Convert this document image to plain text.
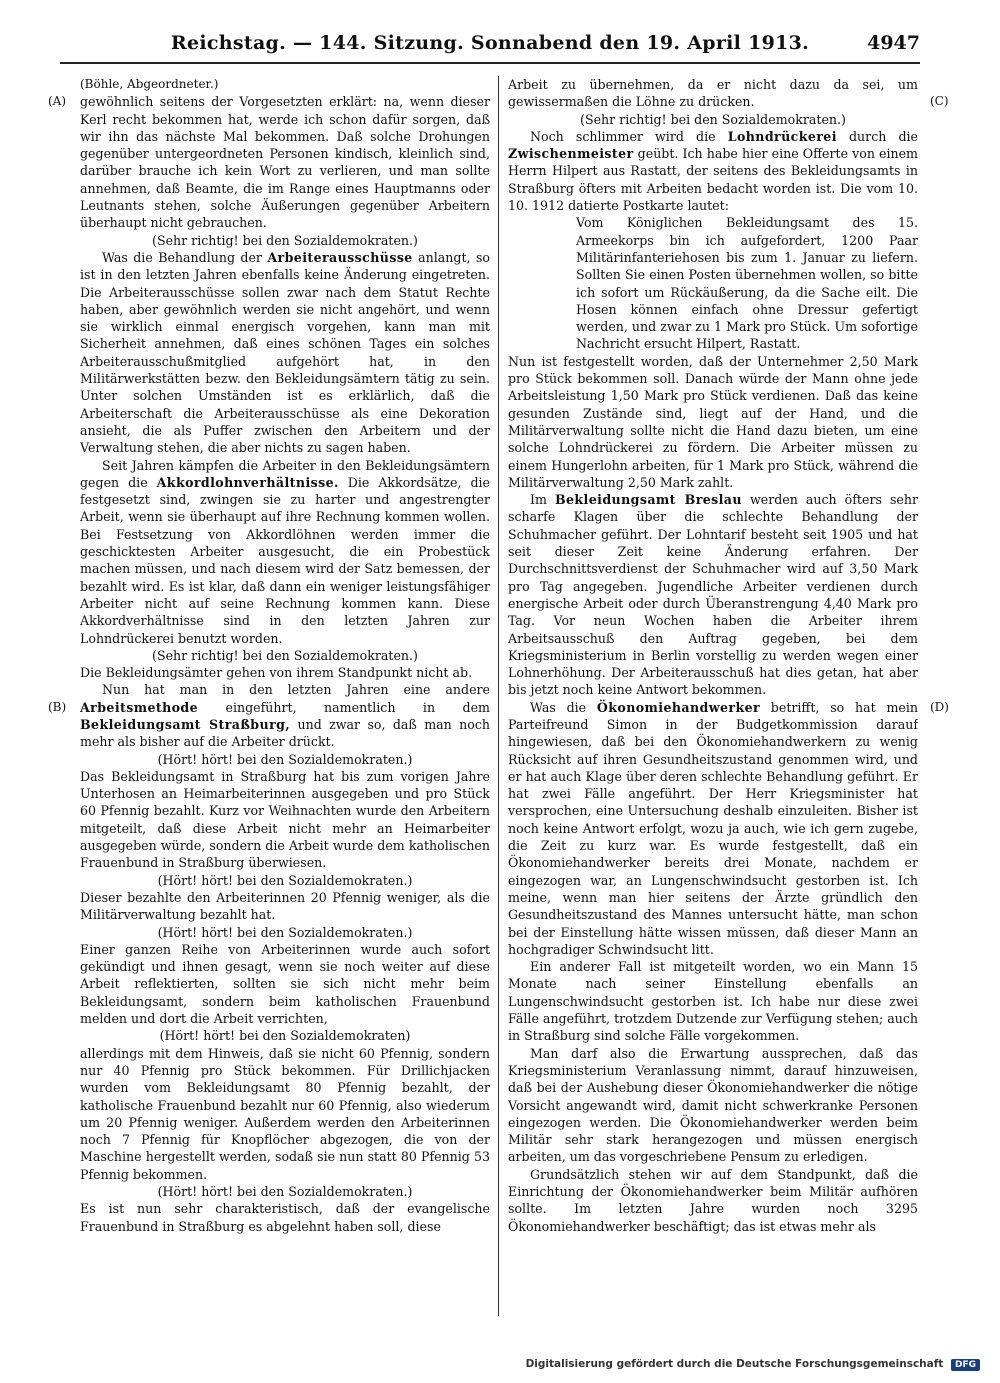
Reichstag. — 144. Sitzung. Sonnabend den 19. April 1913.	4947
(A)
(B)
(C)
(D)

(Böhle, Abgeordneter.)

gewöhnlich seitens der Vorgesetzten erklärt: na, wenn dieser Kerl recht bekommen hat, werde ich schon dafür sorgen, daß wir ihn das nächste Mal bekommen. Daß solche Drohungen gegenüber untergeordneten Personen kindisch, kleinlich sind, darüber brauche ich kein Wort zu verlieren, und man sollte annehmen, daß Beamte, die im Range eines Hauptmanns oder Leutnants stehen, solche Äußerungen gegenüber Arbeitern überhaupt nicht gebrauchen.

(Sehr richtig! bei den Sozialdemokraten.)

Was die Behandlung der Arbeiterausschüsse anlangt, so ist in den letzten Jahren ebenfalls keine Änderung eingetreten. Die Arbeiterausschüsse sollen zwar nach dem Statut Rechte haben, aber gewöhnlich werden sie nicht angehört, und wenn sie wirklich einmal energisch vorgehen, kann man mit Sicherheit annehmen, daß eines schönen Tages ein solches Arbeiterausschußmitglied aufgehört hat, in den Militärwerkstätten bezw. den Bekleidungsämtern tätig zu sein. Unter solchen Umständen ist es erklärlich, daß die Arbeiterschaft die Arbeiterausschüsse als eine Dekoration ansieht, die als Puffer zwischen den Arbeitern und der Verwaltung stehen, die aber nichts zu sagen haben.

Seit Jahren kämpfen die Arbeiter in den Bekleidungsämtern gegen die Akkordlohnverhältnisse. Die Akkordsätze, die festgesetzt sind, zwingen sie zu harter und angestrengter Arbeit, wenn sie überhaupt auf ihre Rechnung kommen wollen. Bei Festsetzung von Akkordlöhnen werden immer die geschicktesten Arbeiter ausgesucht, die ein Probestück machen müssen, und nach diesem wird der Satz bemessen, der bezahlt wird. Es ist klar, daß dann ein weniger leistungsfähiger Arbeiter nicht auf seine Rechnung kommen kann. Diese Akkordverhältnisse sind in den letzten Jahren zur Lohndrückerei benutzt worden.

(Sehr richtig! bei den Sozialdemokraten.)

Die Bekleidungsämter gehen von ihrem Standpunkt nicht ab.

Nun hat man in den letzten Jahren eine andere Arbeitsmethode eingeführt, namentlich in dem Bekleidungsamt Straßburg, und zwar so, daß man noch mehr als bisher auf die Arbeiter drückt.

(Hört! hört! bei den Sozialdemokraten.)

Das Bekleidungsamt in Straßburg hat bis zum vorigen Jahre Unterhosen an Heimarbeiterinnen ausgegeben und pro Stück 60 Pfennig bezahlt. Kurz vor Weihnachten wurde den Arbeitern mitgeteilt, daß diese Arbeit nicht mehr an Heimarbeiter ausgegeben würde, sondern die Arbeit wurde dem katholischen Frauenbund in Straßburg überwiesen.

(Hört! hört! bei den Sozialdemokraten.)

Dieser bezahlte den Arbeiterinnen 20 Pfennig weniger, als die Militärverwaltung bezahlt hat.

(Hört! hört! bei den Sozialdemokraten.)

Einer ganzen Reihe von Arbeiterinnen wurde auch sofort gekündigt und ihnen gesagt, wenn sie noch weiter auf diese Arbeit reflektierten, sollten sie sich nicht mehr beim Bekleidungsamt, sondern beim katholischen Frauenbund melden und dort die Arbeit verrichten,

(Hört! hört! bei den Sozialdemokraten)

allerdings mit dem Hinweis, daß sie nicht 60 Pfennig, sondern nur 40 Pfennig pro Stück bekommen. Für Drillichjacken wurden vom Bekleidungsamt 80 Pfennig bezahlt, der katholische Frauenbund bezahlt nur 60 Pfennig, also wiederum um 20 Pfennig weniger. Außerdem werden den Arbeiterinnen noch 7 Pfennig für Knopflöcher abgezogen, die von der Maschine hergestellt werden, sodaß sie nun statt 80 Pfennig 53 Pfennig bekommen.

(Hört! hört! bei den Sozialdemokraten.)

Es ist nun sehr charakteristisch, daß der evangelische Frauenbund in Straßburg es abgelehnt haben soll, diese

Arbeit zu übernehmen, da er nicht dazu da sei, um gewissermaßen die Löhne zu drücken.

(Sehr richtig! bei den Sozialdemokraten.)

Noch schlimmer wird die Lohndrückerei durch die Zwischenmeister geübt. Ich habe hier eine Offerte von einem Herrn Hilpert aus Rastatt, der seitens des Bekleidungsamts in Straßburg öfters mit Arbeiten bedacht worden ist. Die vom 10. 10. 1912 datierte Postkarte lautet:

Vom Königlichen Bekleidungsamt des 15. Armeekorps bin ich aufgefordert, 1200 Paar Militärinfanteriehosen bis zum 1. Januar zu liefern. Sollten Sie einen Posten übernehmen wollen, so bitte ich sofort um Rückäußerung, da die Sache eilt. Die Hosen können einfach ohne Dressur gefertigt werden, und zwar zu 1 Mark pro Stück. Um sofortige Nachricht ersucht Hilpert, Rastatt.

Nun ist festgestellt worden, daß der Unternehmer 2,50 Mark pro Stück bekommen soll. Danach würde der Mann ohne jede Arbeitsleistung 1,50 Mark pro Stück verdienen. Daß das keine gesunden Zustände sind, liegt auf der Hand, und die Militärverwaltung sollte nicht die Hand dazu bieten, um eine solche Lohndrückerei zu fördern. Die Arbeiter müssen zu einem Hungerlohn arbeiten, für 1 Mark pro Stück, während die Militärverwaltung 2,50 Mark zahlt.

Im Bekleidungsamt Breslau werden auch öfters sehr scharfe Klagen über die schlechte Behandlung der Schuhmacher geführt. Der Lohntarif besteht seit 1905 und hat seit dieser Zeit keine Änderung erfahren. Der Durchschnittsverdienst der Schuhmacher wird auf 3,50 Mark pro Tag angegeben. Jugendliche Arbeiter verdienen durch energische Arbeit oder durch Überanstrengung 4,40 Mark pro Tag. Vor neun Wochen haben die Arbeiter ihrem Arbeitsausschuß den Auftrag gegeben, bei dem Kriegsministerium in Berlin vorstellig zu werden wegen einer Lohnerhöhung. Der Arbeiterausschuß hat dies getan, hat aber bis jetzt noch keine Antwort bekommen.

Was die Ökonomiehandwerker betrifft, so hat mein Parteifreund Simon in der Budgetkommission darauf hingewiesen, daß bei den Ökonomiehandwerkern zu wenig Rücksicht auf ihren Gesundheitszustand genommen wird, und er hat auch Klage über deren schlechte Behandlung geführt. Er hat zwei Fälle angeführt. Der Herr Kriegsminister hat versprochen, eine Untersuchung deshalb einzuleiten. Bisher ist noch keine Antwort erfolgt, wozu ja auch, wie ich gern zugebe, die Zeit zu kurz war. Es wurde festgestellt, daß ein Ökonomiehandwerker bereits drei Monate, nachdem er eingezogen war, an Lungenschwindsucht gestorben ist. Ich meine, wenn man hier seitens der Ärzte gründlich den Gesundheitszustand des Mannes untersucht hätte, man schon bei der Einstellung hätte wissen müssen, daß dieser Mann an hochgradiger Schwindsucht litt.

Ein anderer Fall ist mitgeteilt worden, wo ein Mann 15 Monate nach seiner Einstellung ebenfalls an Lungenschwindsucht gestorben ist. Ich habe nur diese zwei Fälle angeführt, trotzdem Dutzende zur Verfügung stehen; auch in Straßburg sind solche Fälle vorgekommen.

Man darf also die Erwartung aussprechen, daß das Kriegsministerium Veranlassung nimmt, darauf hinzuweisen, daß bei der Aushebung dieser Ökonomiehandwerker die nötige Vorsicht angewandt wird, damit nicht schwerkranke Personen eingezogen werden. Die Ökonomiehandwerker werden beim Militär sehr stark herangezogen und müssen energisch arbeiten, um das vorgeschriebene Pensum zu erledigen.

Grundsätzlich stehen wir auf dem Standpunkt, daß die Einrichtung der Ökonomiehandwerker beim Militär aufhören sollte. Im letzten Jahre wurden noch 3295 Ökonomiehandwerker beschäftigt; das ist etwas mehr als

Digitalisierung gefördert durch die Deutsche Forschungsgemeinschaft DFG
